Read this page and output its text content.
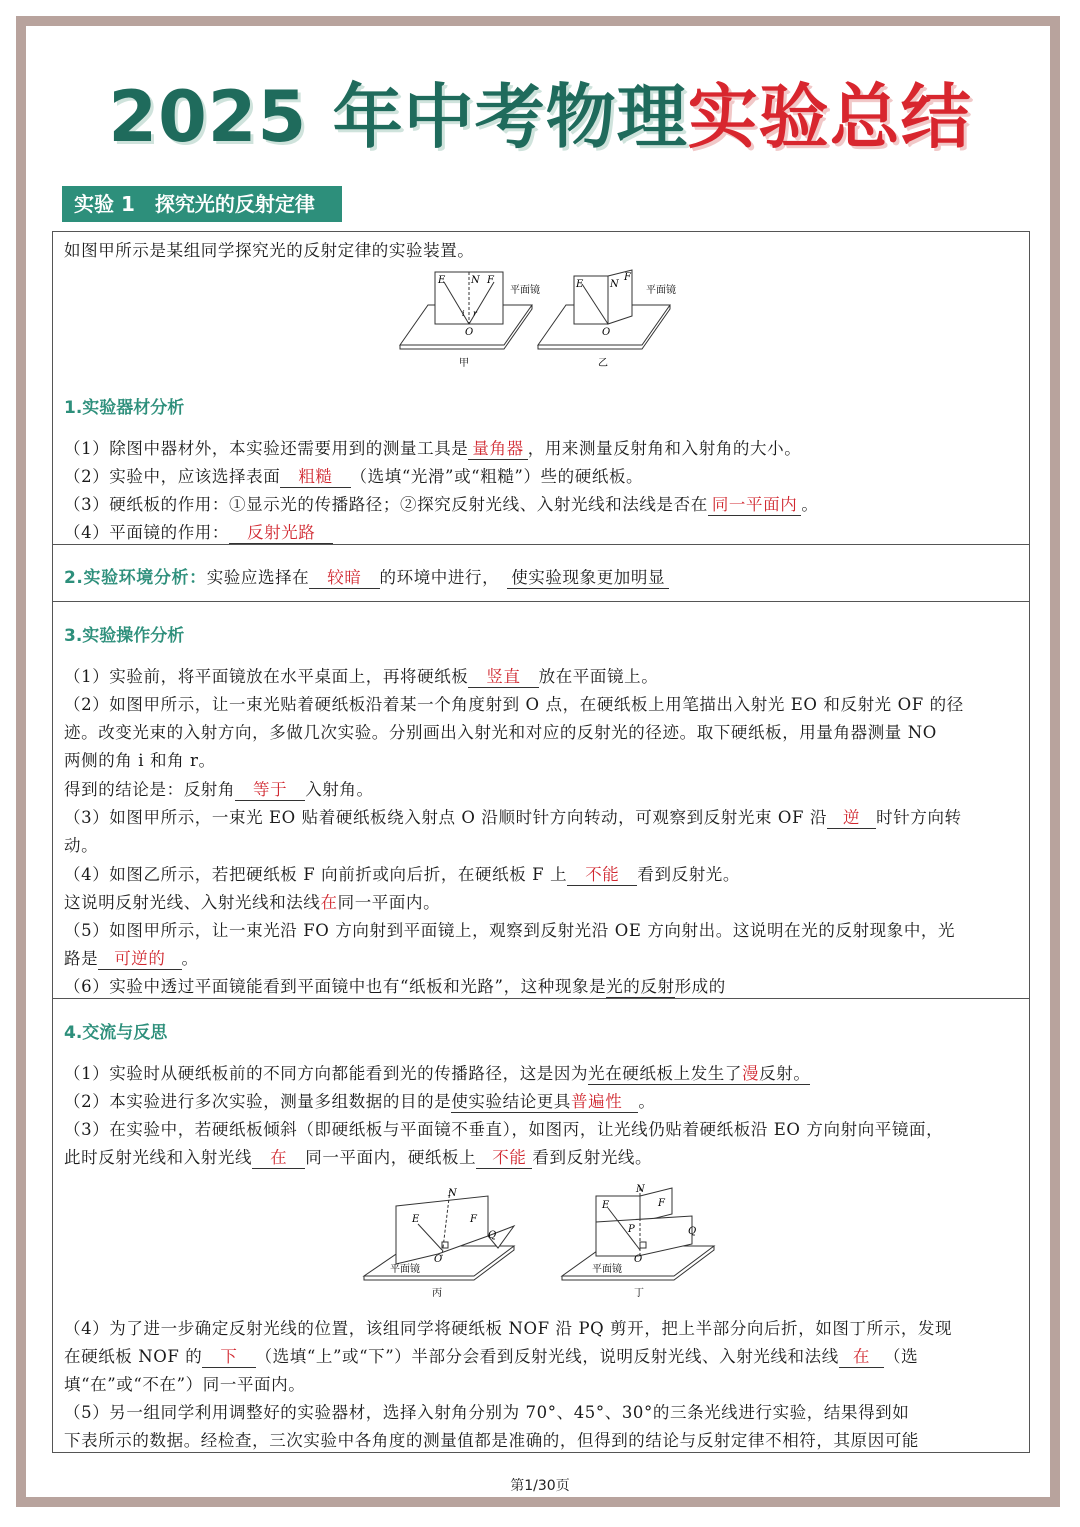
2025 年中考物理实验总结
实验 1　探究光的反射定律
如图甲所示是某组同学探究光的反射定律的实验装置。
E	N F
O
i r
平面镜
甲
E	N
F
O
平面镜
乙
1.实验器材分析
（1）除图中器材外，本实验还需要用到的测量工具是 量角器 ，用来测量反射角和入射角的大小。
（2）实验中，应该选择表面 粗糙 （选填“光滑”或“粗糙”）些的硬纸板。
（3）硬纸板的作用：①显示光的传播路径；②探究反射光线、入射光线和法线是否在 同一平面内 。
（4）平面镜的作用： 反射光路
2.实验环境分析：实验应选择在 较暗 的环境中进行， 使实验现象更加明显
3.实验操作分析
（1）实验前，将平面镜放在水平桌面上，再将硬纸板 竖直 放在平面镜上。
（2）如图甲所示，让一束光贴着硬纸板沿着某一个角度射到 O 点，在硬纸板上用笔描出入射光 EO 和反射光 OF 的径
迹。改变光束的入射方向，多做几次实验。分别画出入射光和对应的反射光的径迹。取下硬纸板，用量角器测量 NO
两侧的角 i 和角 r。
得到的结论是：反射角 等于 入射角。
（3）如图甲所示，一束光 EO 贴着硬纸板绕入射点 O 沿顺时针方向转动，可观察到反射光束 OF 沿 逆 时针方向转
动。
（4）如图乙所示，若把硬纸板 F 向前折或向后折，在硬纸板 F 上 不能 看到反射光。
这说明反射光线、入射光线和法线在同一平面内。
（5）如图甲所示，让一束光沿 FO 方向射到平面镜上，观察到反射光沿 OE 方向射出。这说明在光的反射现象中，光
路是 可逆的 。
（6）实验中透过平面镜能看到平面镜中也有“纸板和光路”，这种现象是光的反射形成的
4.交流与反思
（1）实验时从硬纸板前的不同方向都能看到光的传播路径，这是因为光在硬纸板上发生了漫反射。
（2）本实验进行多次实验，测量多组数据的目的是使实验结论更具普遍性 。
（3）在实验中，若硬纸板倾斜（即硬纸板与平面镜不垂直），如图丙，让光线仍贴着硬纸板沿 EO 方向射向平镜面，
此时反射光线和入射光线 在 同一平面内，硬纸板上 不能 看到反射光线。
N
E	F
O
Q
平面镜
丙
N
E	F
P	Q
O
平面镜
丁
（4）为了进一步确定反射光线的位置，该组同学将硬纸板 NOF 沿 PQ 剪开，把上半部分向后折，如图丁所示，发现
在硬纸板 NOF 的 下 （选填“上”或“下”）半部分会看到反射光线，说明反射光线、入射光线和法线 在 （选
填“在”或“不在”）同一平面内。
（5）另一组同学利用调整好的实验器材，选择入射角分别为 70°、45°、30°的三条光线进行实验，结果得到如
下表所示的数据。经检查，三次实验中各角度的测量值都是准确的，但得到的结论与反射定律不相符，其原因可能
第1/30页
